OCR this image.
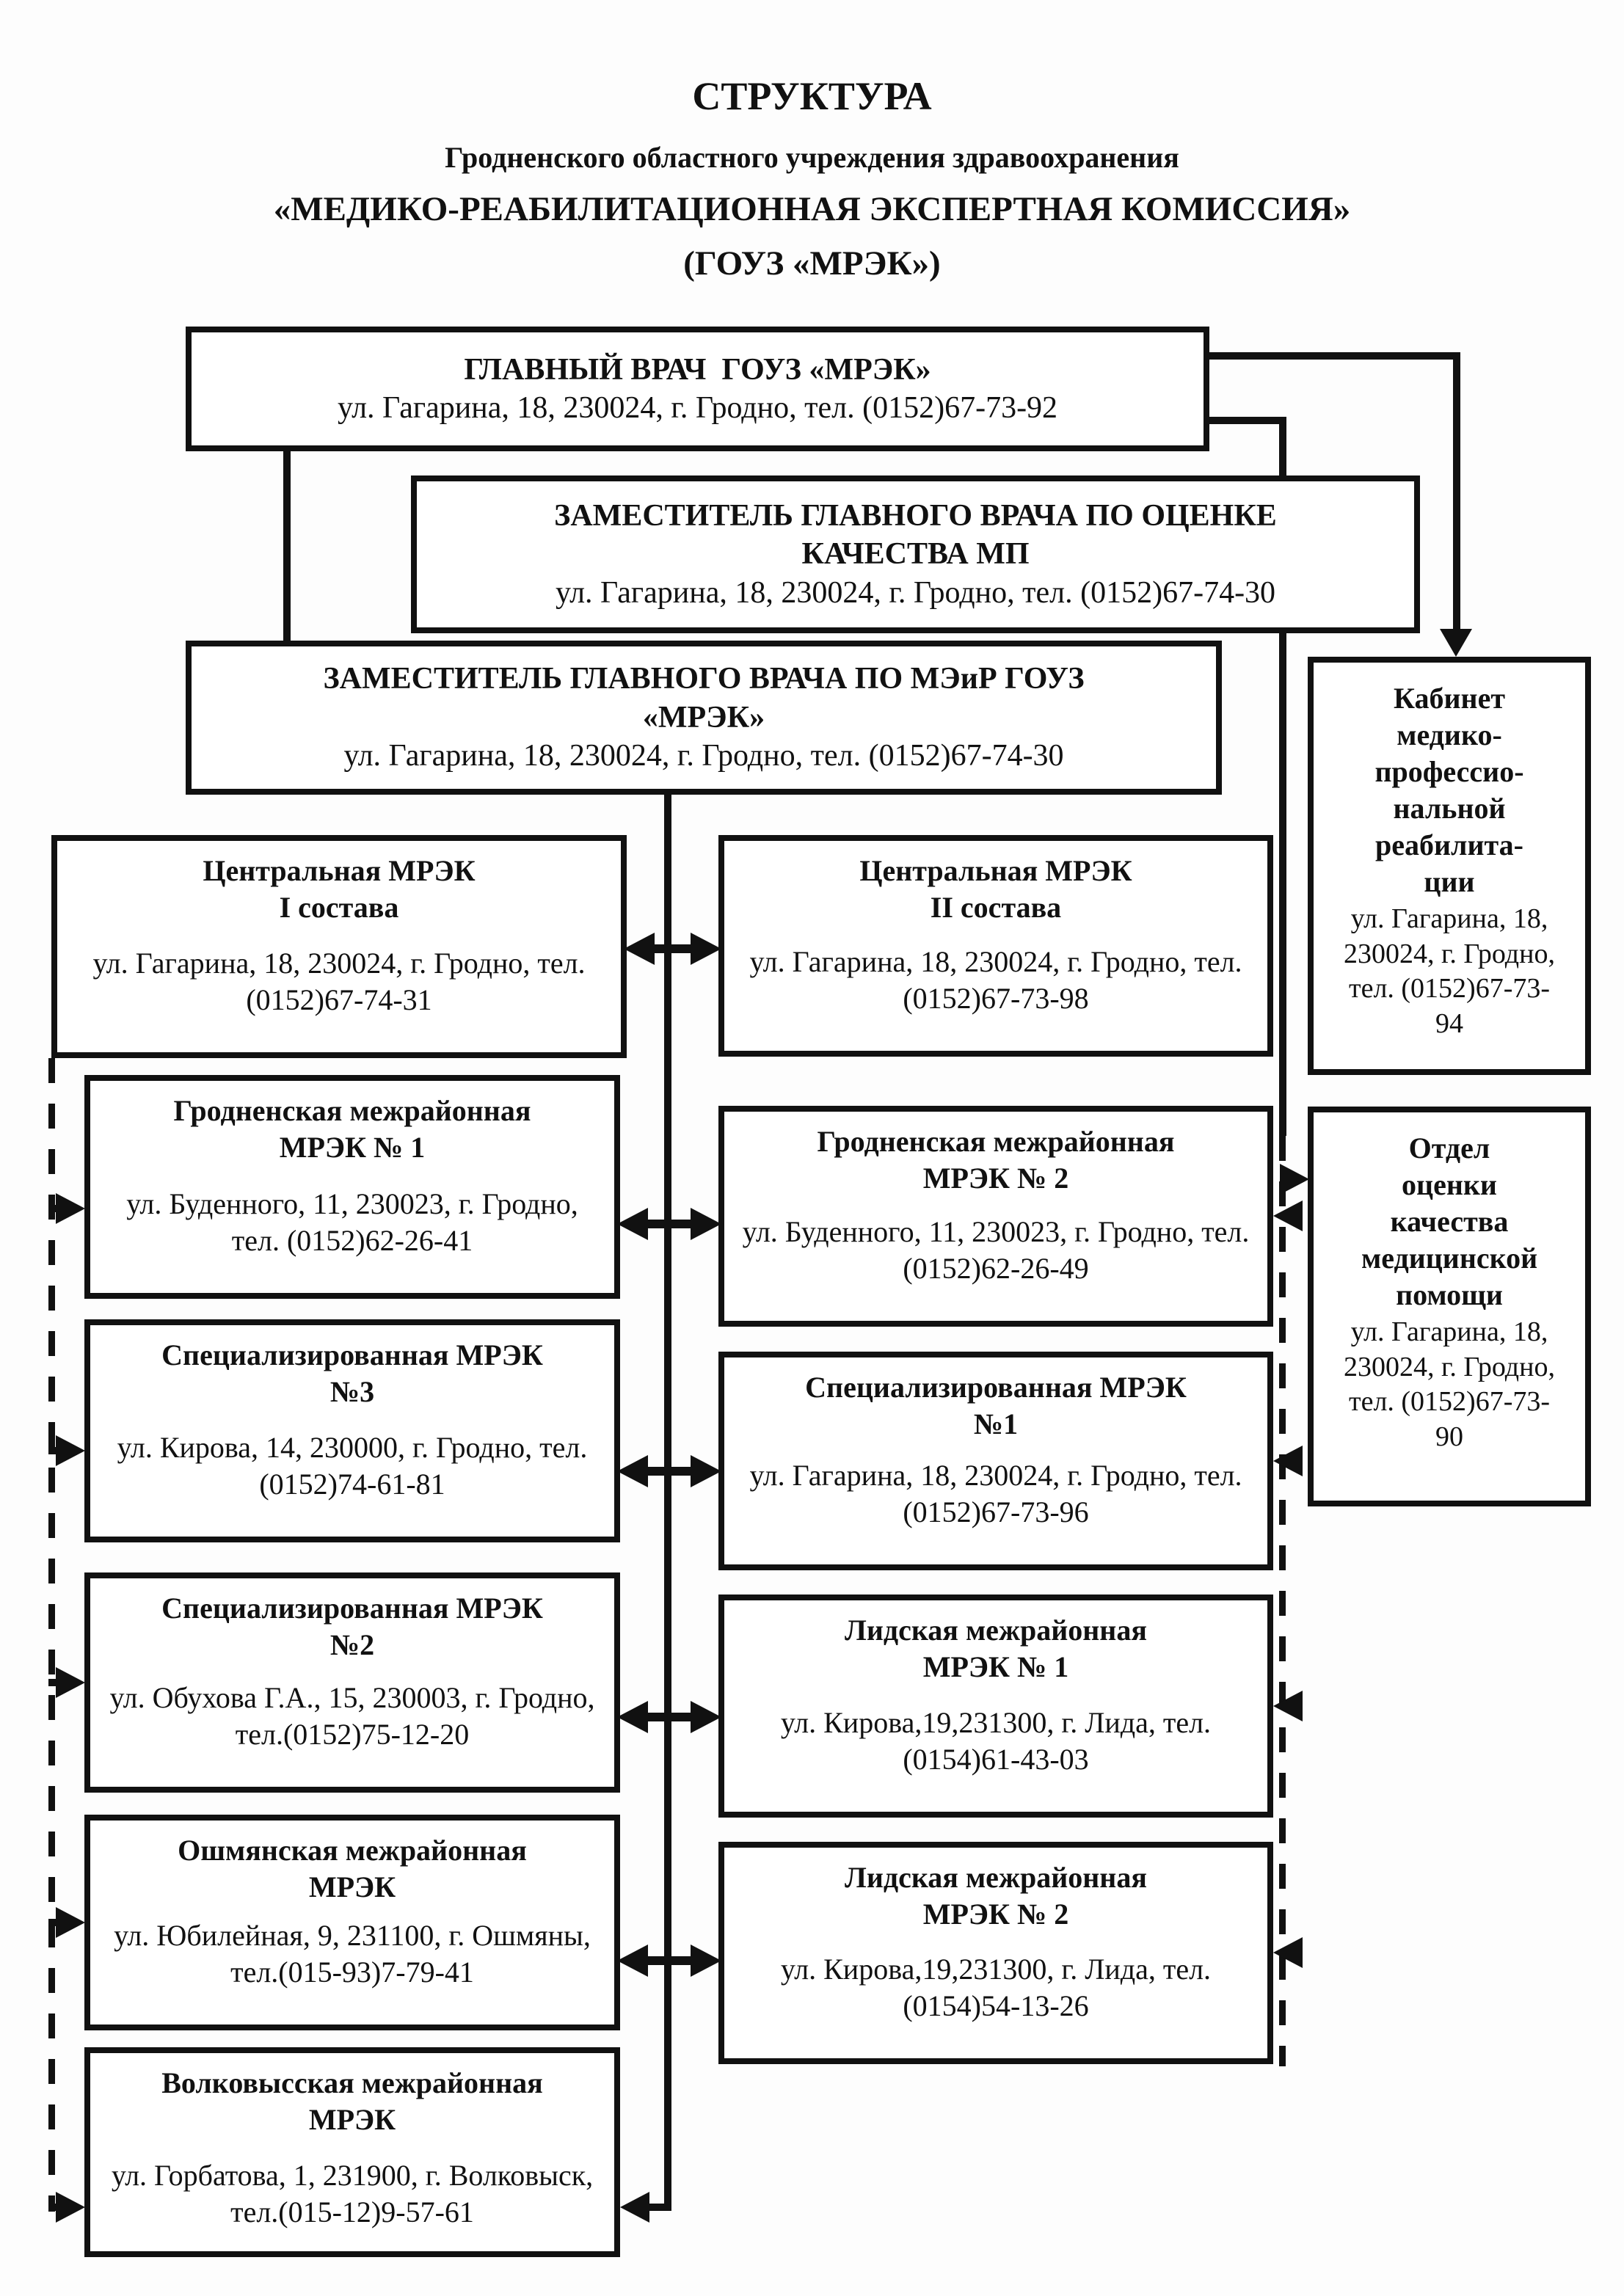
СТРУКТУРА
Гродненского областного учреждения здравоохранения
«МЕДИКО-РЕАБИЛИТАЦИОННАЯ ЭКСПЕРТНАЯ КОМИССИЯ»
(ГОУЗ «МРЭК»)
ГЛАВНЫЙ ВРАЧ  ГОУЗ «МРЭК»
ул. Гагарина, 18, 230024, г. Гродно, тел. (0152)67-73-92
ЗАМЕСТИТЕЛЬ ГЛАВНОГО ВРАЧА ПО ОЦЕНКЕ КАЧЕСТВА МП
ул. Гагарина, 18, 230024, г. Гродно, тел. (0152)67-74-30
ЗАМЕСТИТЕЛЬ ГЛАВНОГО ВРАЧА ПО МЭиР ГОУЗ «МРЭК»
ул. Гагарина, 18, 230024, г. Гродно, тел. (0152)67-74-30
Кабинет медико-профессио-нальной реабилита-ции
ул. Гагарина, 18, 230024, г. Гродно, тел. (0152)67-73-94
Отдел оценки качества медицинской помощи
ул. Гагарина, 18, 230024, г. Гродно, тел. (0152)67-73-90
Центральная МРЭК
I состава
ул. Гагарина, 18, 230024, г. Гродно, тел. (0152)67-74-31
Гродненская межрайонная
МРЭК № 1
ул. Буденного, 11, 230023, г. Гродно, тел. (0152)62-26-41
Специализированная МРЭК
№3
ул. Кирова, 14, 230000, г. Гродно, тел. (0152)74-61-81
Специализированная МРЭК
№2
ул. Обухова Г.А., 15, 230003, г. Гродно, тел.(0152)75-12-20
Ошмянская межрайонная
МРЭК
ул. Юбилейная, 9, 231100, г. Ошмяны, тел.(015-93)7-79-41
Волковысская межрайонная
МРЭК
ул. Горбатова, 1, 231900, г. Волковыск, тел.(015-12)9-57-61
Центральная МРЭК
II состава
ул. Гагарина, 18, 230024, г. Гродно, тел.(0152)67-73-98
Гродненская межрайонная
МРЭК № 2
ул. Буденного, 11, 230023, г. Гродно, тел. (0152)62-26-49
Специализированная МРЭК
№1
ул. Гагарина, 18, 230024, г. Гродно, тел. (0152)67-73-96
Лидская межрайонная
МРЭК № 1
ул. Кирова,19,231300, г. Лида, тел. (0154)61-43-03
Лидская межрайонная
МРЭК № 2
ул. Кирова,19,231300, г. Лида, тел. (0154)54-13-26
